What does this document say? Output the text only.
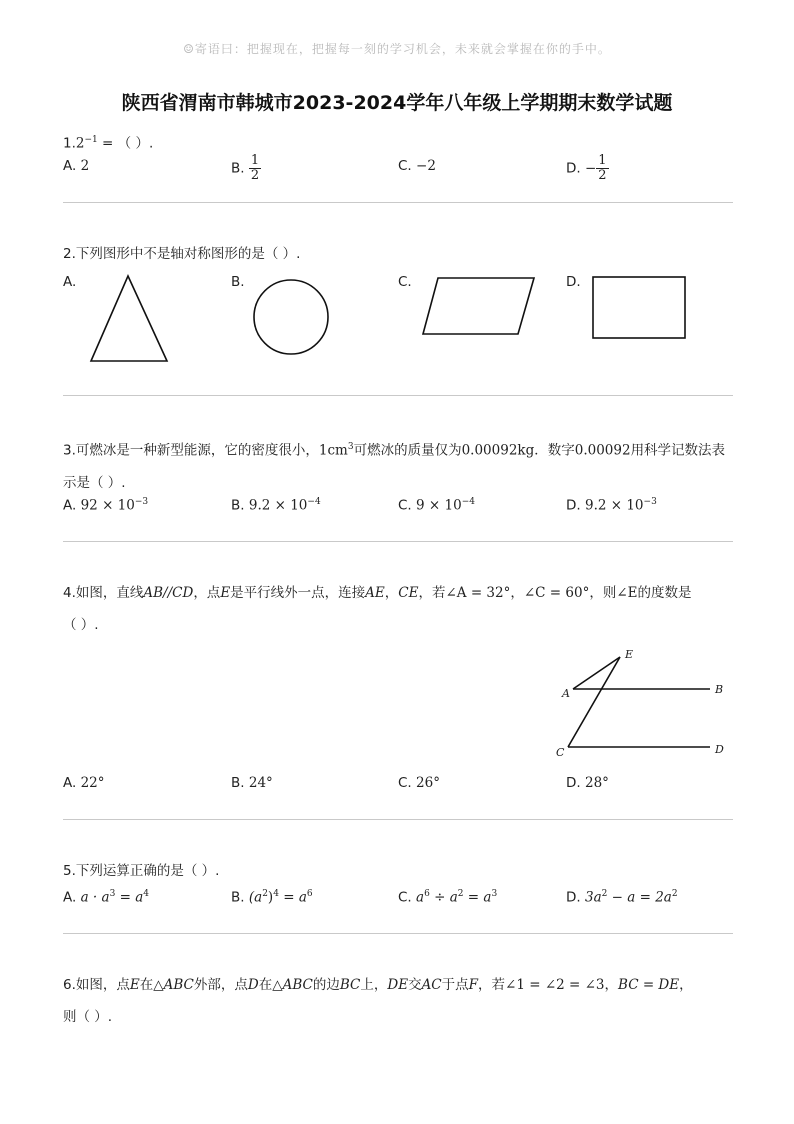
☺寄语曰：把握现在，把握每一刻的学习机会，未来就会掌握在你的手中。
陕西省渭南市韩城市2023-2024学年八年级上学期期末数学试题
$1.2^{-1}$ = （ ）.
A. 2	B. $\frac{1}{2}$	C. −2	D. − $\frac{1}{2}$
2.下列图形中不是轴对称图形的是（ ）.
A.	B.	C.	D.
3.可燃冰是一种新型能源，它的密度很小，$1cm^3$可燃冰的质量仅为0.00092kg．数字0.00092用科学记数法表
示是（ ）.
A. $92 \times 10^{-3}$	B. $9.2 \times 10^{-4}$	C. $9 \times 10^{-4}$	D. $9.2 \times 10^{-3}$
4.如图，直线AB//CD，点E是平行线外一点，连接AE，CE，若∠A = 32°，∠C = 60°，则∠E的度数是
（ ）.
E
A	B
C	D
A. 22°	B. 24°	C. 26°	D. 28°
5.下列运算正确的是（ ）.
A. $a \cdot a^3 = a^4$	B. $(a^2)^4 = a^6$	C. $a^6 \div a^2 = a^3$	D. $3a^2 - a = 2a^2$
6.如图，点E在△ABC外部，点D在△ABC的边BC上，DE交AC于点F，若∠1 = ∠2 = ∠3，BC = DE，
则（ ）.
